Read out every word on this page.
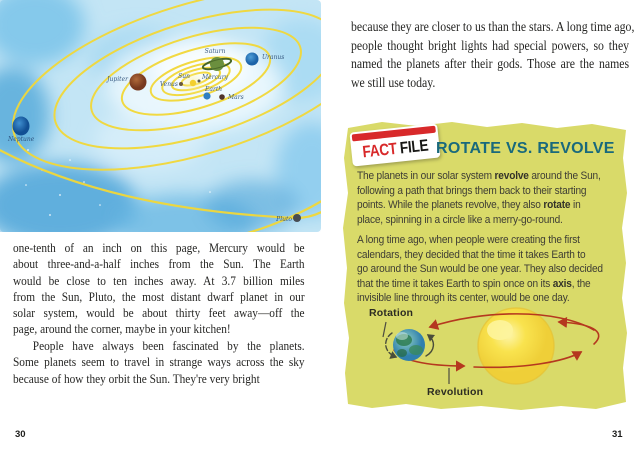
Sun Mercury
Venus
Earth
Mars
Jupiter
Saturn
Uranus
Neptune
Pluto
one-tenth of an inch on this page, Mercury would be
about three-and-a-half inches from the Sun. The Earth
would be close to ten inches away. At 3.7 billion miles
from the Sun, Pluto, the most distant dwarf planet in our
solar system, would be about thirty feet away—off the
page, around the corner, maybe in your kitchen!
People have always been fascinated by the planets.
Some planets seem to travel in strange ways across the sky
because of how they orbit the Sun. They're very bright
30
because they are closer to us than the stars. A long time ago,
people thought bright lights had special powers, so they
named the planets after their gods. Those are the names
we still use today.
FACT FILE ROTATE VS. REVOLVE
The planets in our solar system revolve around the Sun,
following a path that brings them back to their starting
points. While the planets revolve, they also rotate in
place, spinning in a circle like a merry-go-round.
A long time ago, when people were creating the first
calendars, they decided that the time it takes Earth to
go around the Sun would be one year. They also decided
that the time it takes Earth to spin once on its axis, the
invisible line through its center, would be one day.
Rotation
Revolution
31
